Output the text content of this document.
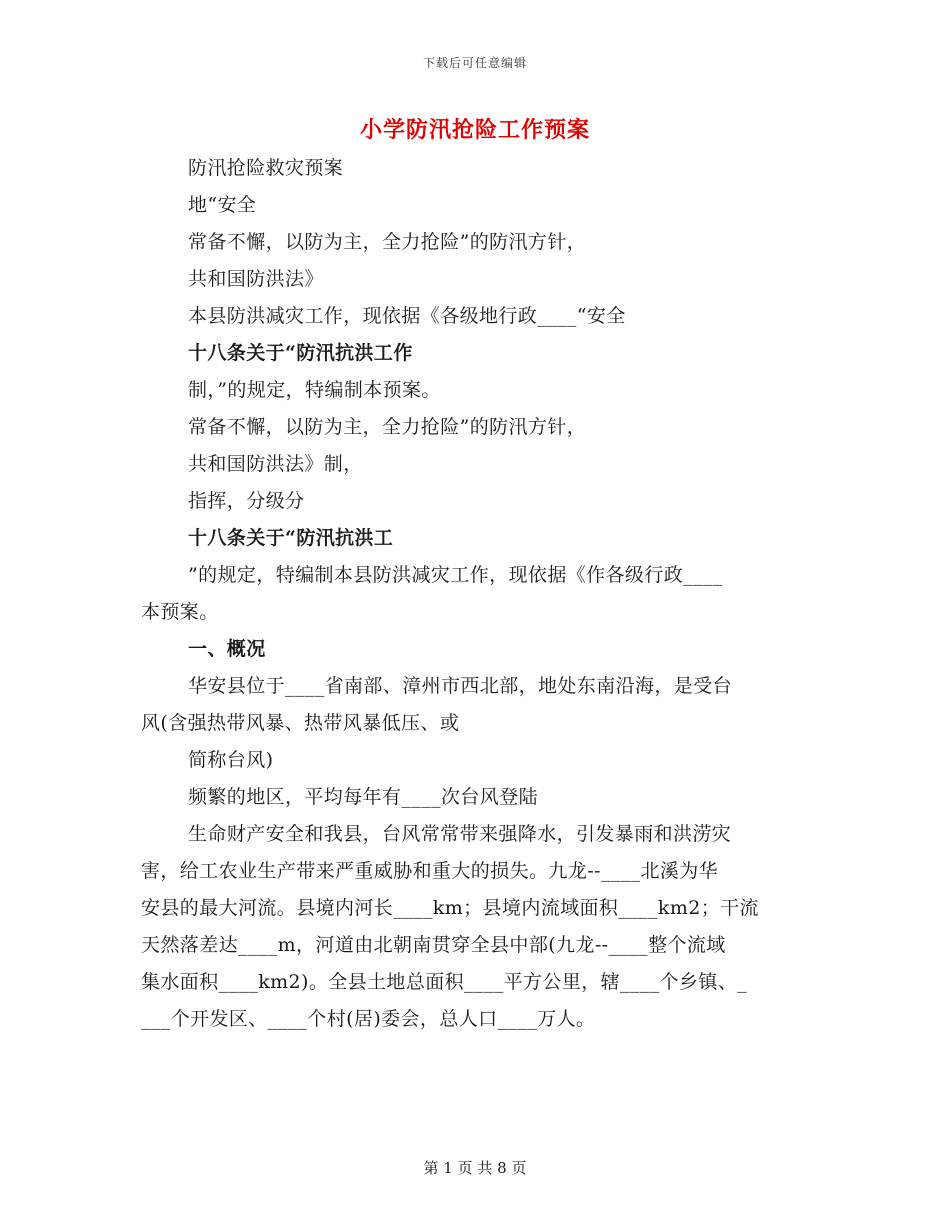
下载后可任意编辑
小学防汛抢险工作预案
防汛抢险救灾预案
地“安全
常备不懈，以防为主，全力抢险”的防汛方针，
共和国防洪法》
本县防洪减灾工作，现依据《各级地行政____“安全
十八条关于“防汛抗洪工作
制，”的规定，特编制本预案。
常备不懈，以防为主，全力抢险”的防汛方针，
共和国防洪法》制，
指挥，分级分
十八条关于“防汛抗洪工
”的规定，特编制本县防洪减灾工作，现依据《作各级行政____
本预案。
一、概况
华安县位于____省南部、漳州市西北部，地处东南沿海，是受台
风(含强热带风暴、热带风暴低压、或
简称台风)
频繁的地区，平均每年有____次台风登陆
生命财产安全和我县，台风常常带来强降水，引发暴雨和洪涝灾
害，给工农业生产带来严重威胁和重大的损失。九龙--____北溪为华
安县的最大河流。县境内河长____km；县境内流域面积____km2；干流
天然落差达____m，河道由北朝南贯穿全县中部(九龙--____整个流域
集水面积____km2)。全县土地总面积____平方公里，辖____个乡镇、_
___个开发区、____个村(居)委会，总人口____万人。
第 1 页 共 8 页
